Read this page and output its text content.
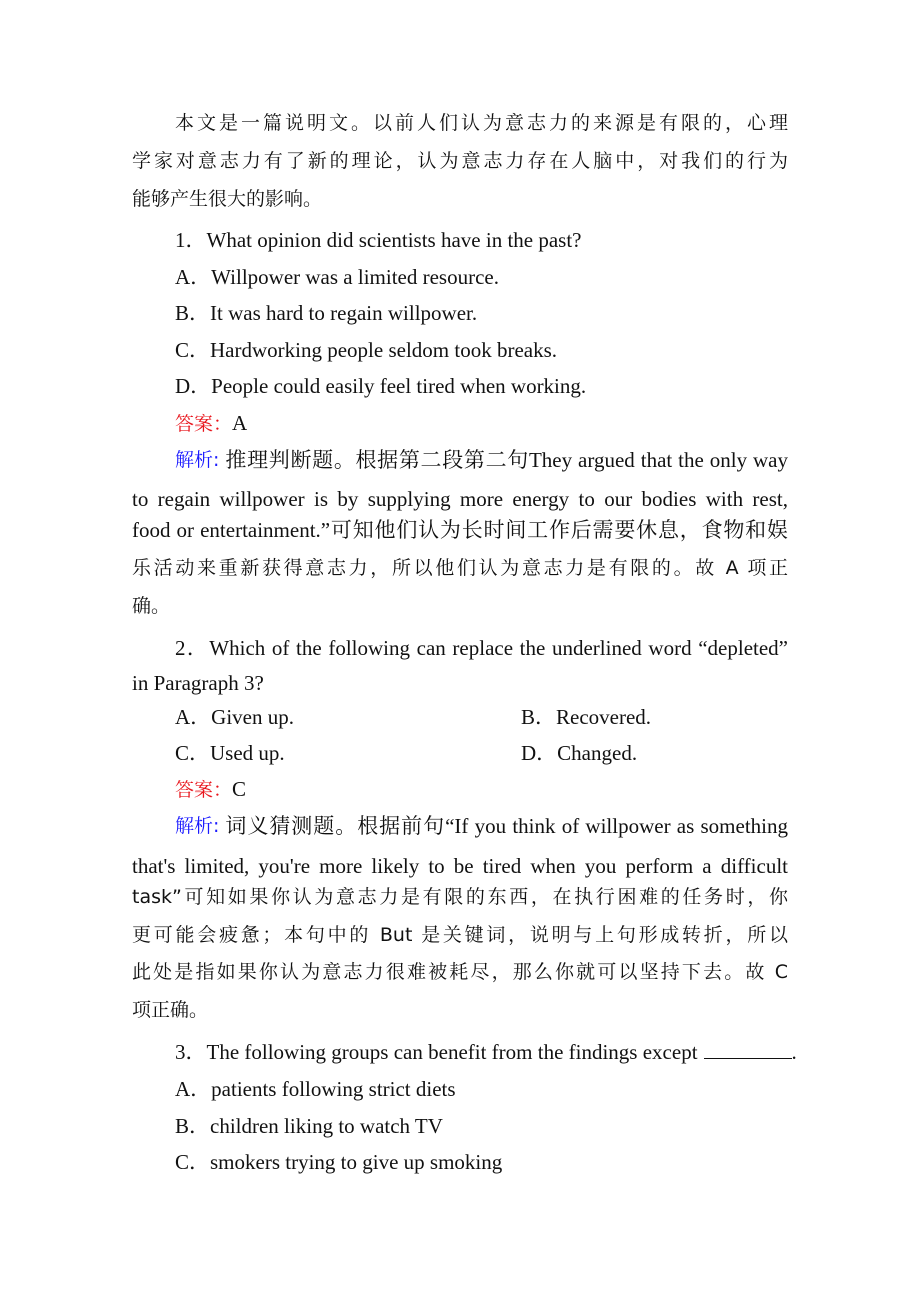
本文是一篇说明文。以前人们认为意志力的来源是有限的，心理
学家对意志力有了新的理论，认为意志力存在人脑中，对我们的行为
能够产生很大的影响。
1．What opinion did scientists have in the past?
A．Willpower was a limited resource.
B．It was hard to regain willpower.
C．Hardworking people seldom took breaks.
D．People could easily feel tired when working.
答案：A
解析: 推理判断题。根据第二段第二句They argued that the only way
to regain willpower is by supplying more energy to our bodies with rest,
food or entertainment.”可知他们认为长时间工作后需要休息，食物和娱
乐活动来重新获得意志力，所以他们认为意志力是有限的。故 A 项正
确。
2．Which of the following can replace the underlined word “depleted”
in Paragraph 3?
A．Given up.	B．Recovered.
C．Used up.	D．Changed.
答案：C
解析: 词义猜测题。根据前句“If you think of willpower as something
that's limited, you're more likely to be tired when you perform a difficult
task”可知如果你认为意志力是有限的东西，在执行困难的任务时，你
更可能会疲惫；本句中的 But 是关键词，说明与上句形成转折，所以
此处是指如果你认为意志力很难被耗尽，那么你就可以坚持下去。故 C
项正确。
3．The following groups can benefit from the findings except	.
A．patients following strict diets
B．children liking to watch TV
C．smokers trying to give up smoking
